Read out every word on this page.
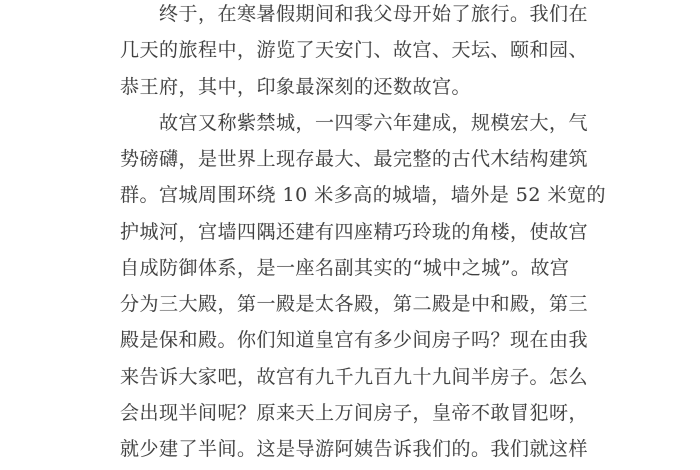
终于，在寒暑假期间和我父母开始了旅行。我们在
几天的旅程中，游览了天安门、故宫、天坛、颐和园、
恭王府，其中，印象最深刻的还数故宫。
故宫又称紫禁城，一四零六年建成，规模宏大，气
势磅礴，是世界上现存最大、最完整的古代木结构建筑
群。宫城周围环绕 10 米多高的城墙，墙外是 52 米宽的
护城河，宫墙四隅还建有四座精巧玲珑的角楼，使故宫
自成防御体系，是一座名副其实的“城中之城”。故宫
分为三大殿，第一殿是太各殿，第二殿是中和殿，第三
殿是保和殿。你们知道皇宫有多少间房子吗？现在由我
来告诉大家吧，故宫有九千九百九十九间半房子。怎么
会出现半间呢？原来天上万间房子，皇帝不敢冒犯呀，
就少建了半间。这是导游阿姨告诉我们的。我们就这样
